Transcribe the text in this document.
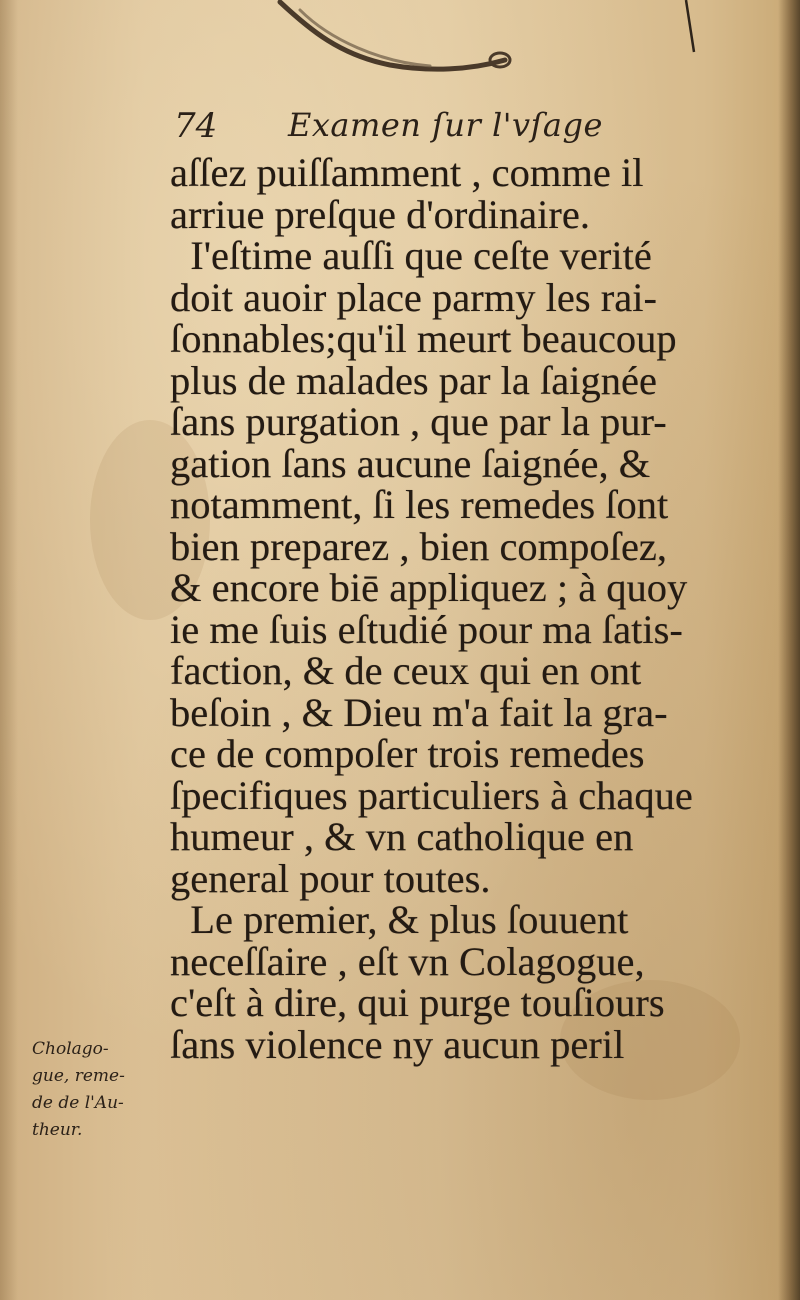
74 Examen ſur l'vſage
aſſez puiſſamment , comme il
arriue preſque d'ordinaire.
I'eſtime auſſi que ceſte verité
doit auoir place parmy les rai-
ſonnables;qu'il meurt beaucoup
plus de malades par la ſaignée
ſans purgation , que par la pur-
gation ſans aucune ſaignée, &
notamment, ſi les remedes ſont
bien preparez , bien compoſez,
& encore biē appliquez ; à quoy
ie me ſuis eſtudié pour ma ſatis-
faction, & de ceux qui en ont
beſoin , & Dieu m'a fait la gra-
ce de compoſer trois remedes
ſpecifiques particuliers à chaque
humeur , & vn catholique en
general pour toutes.
Le premier, & plus ſouuent
neceſſaire , eſt vn Colagogue,
c'eſt à dire, qui purge touſiours
ſans violence ny aucun peril
Cholago-
gue, reme-
de de l'Au-
theur.
